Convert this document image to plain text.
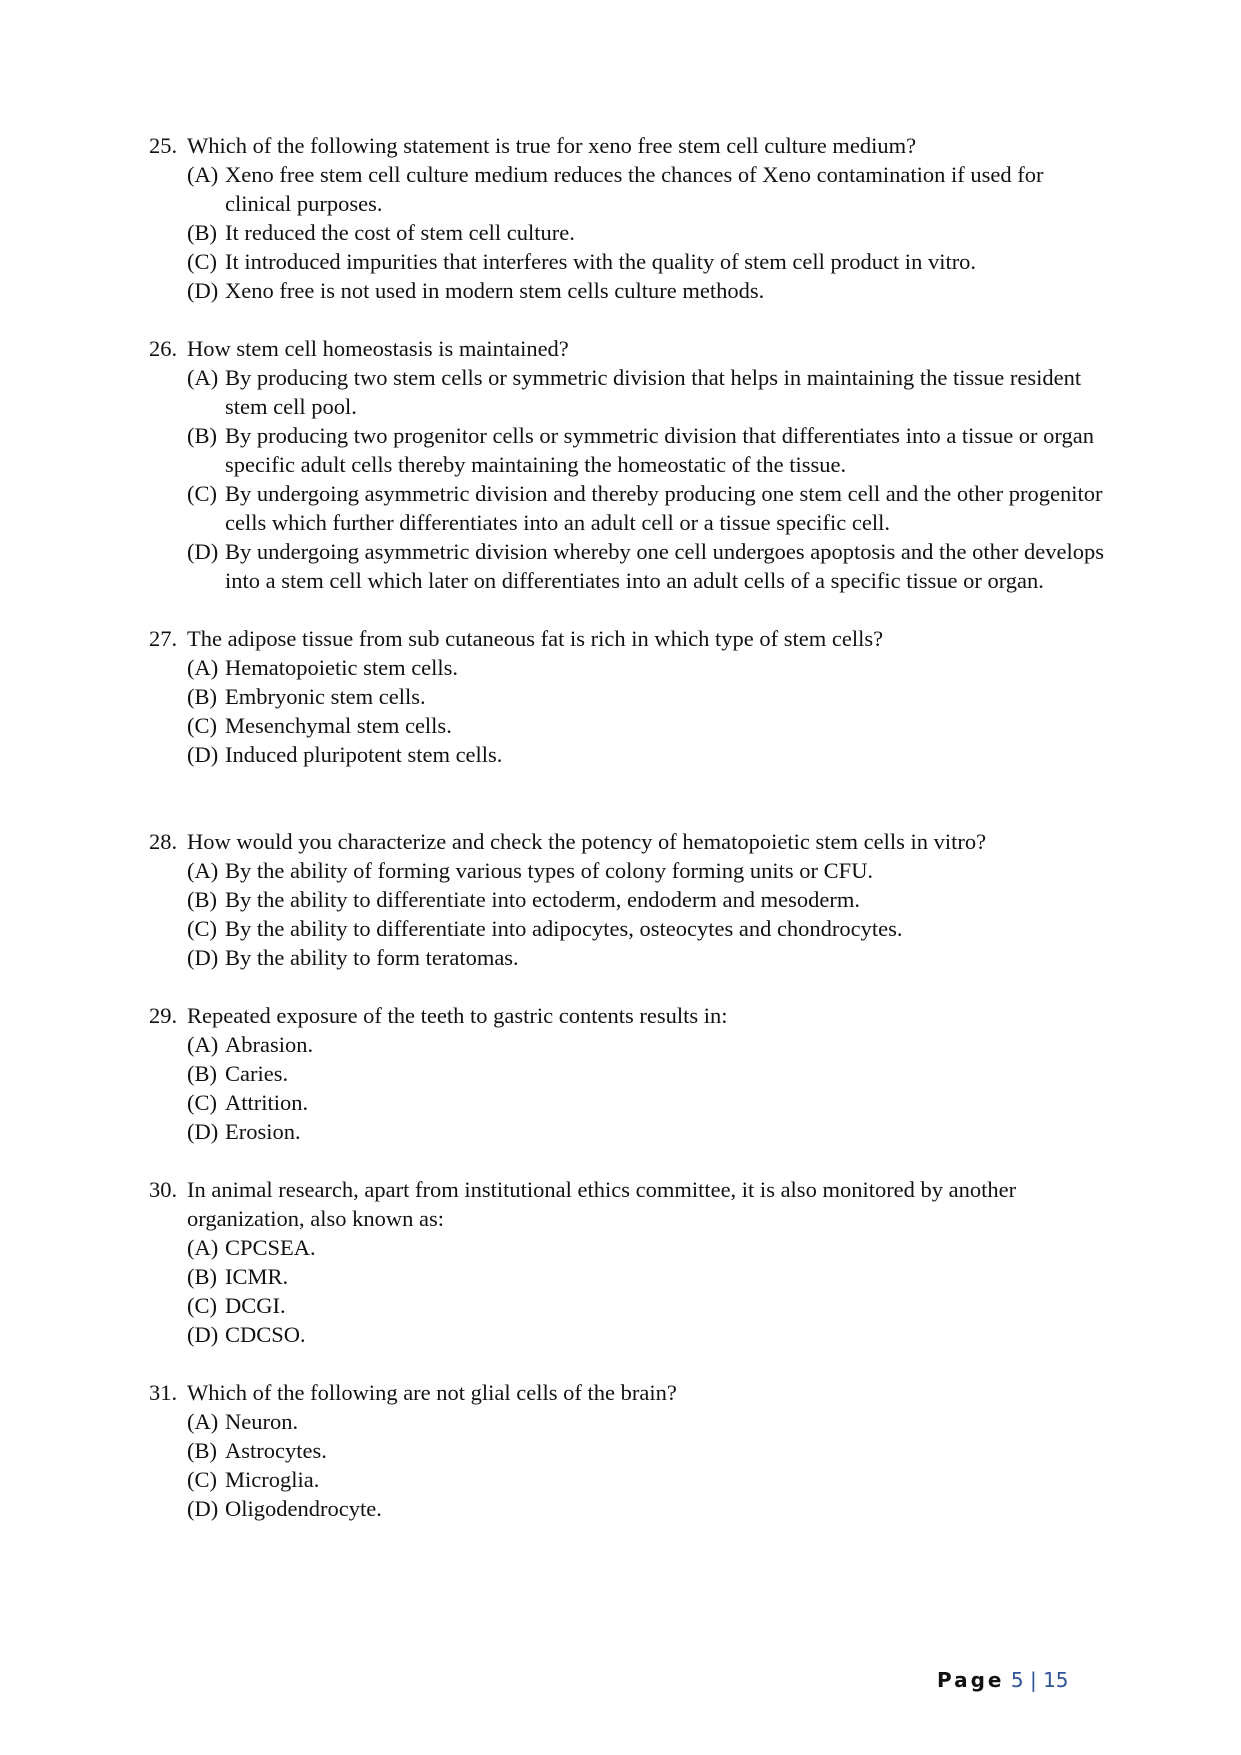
25. Which of the following statement is true for xeno free stem cell culture medium?
(A) Xeno free stem cell culture medium reduces the chances of Xeno contamination if used for clinical purposes.
(B) It reduced the cost of stem cell culture.
(C) It introduced impurities that interferes with the quality of stem cell product in vitro.
(D) Xeno free is not used in modern stem cells culture methods.
26. How stem cell homeostasis is maintained?
(A) By producing two stem cells or symmetric division that helps in maintaining the tissue resident stem cell pool.
(B) By producing two progenitor cells or symmetric division that differentiates into a tissue or organ specific adult cells thereby maintaining the homeostatic of the tissue.
(C) By undergoing asymmetric division and thereby producing one stem cell and the other progenitor cells which further differentiates into an adult cell or a tissue specific cell.
(D) By undergoing asymmetric division whereby one cell undergoes apoptosis and the other develops into a stem cell which later on differentiates into an adult cells of a specific tissue or organ.
27. The adipose tissue from sub cutaneous fat is rich in which type of stem cells?
(A) Hematopoietic stem cells.
(B) Embryonic stem cells.
(C) Mesenchymal stem cells.
(D) Induced pluripotent stem cells.
28. How would you characterize and check the potency of hematopoietic stem cells in vitro?
(A) By the ability of forming various types of colony forming units or CFU.
(B) By the ability to differentiate into ectoderm, endoderm and mesoderm.
(C) By the ability to differentiate into adipocytes, osteocytes and chondrocytes.
(D) By the ability to form teratomas.
29. Repeated exposure of the teeth to gastric contents results in:
(A) Abrasion.
(B) Caries.
(C) Attrition.
(D) Erosion.
30. In animal research, apart from institutional ethics committee, it is also monitored by another organization, also known as:
(A) CPCSEA.
(B) ICMR.
(C) DCGI.
(D) CDCSO.
31. Which of the following are not glial cells of the brain?
(A) Neuron.
(B) Astrocytes.
(C) Microglia.
(D) Oligodendrocyte.
Page 5 | 15
